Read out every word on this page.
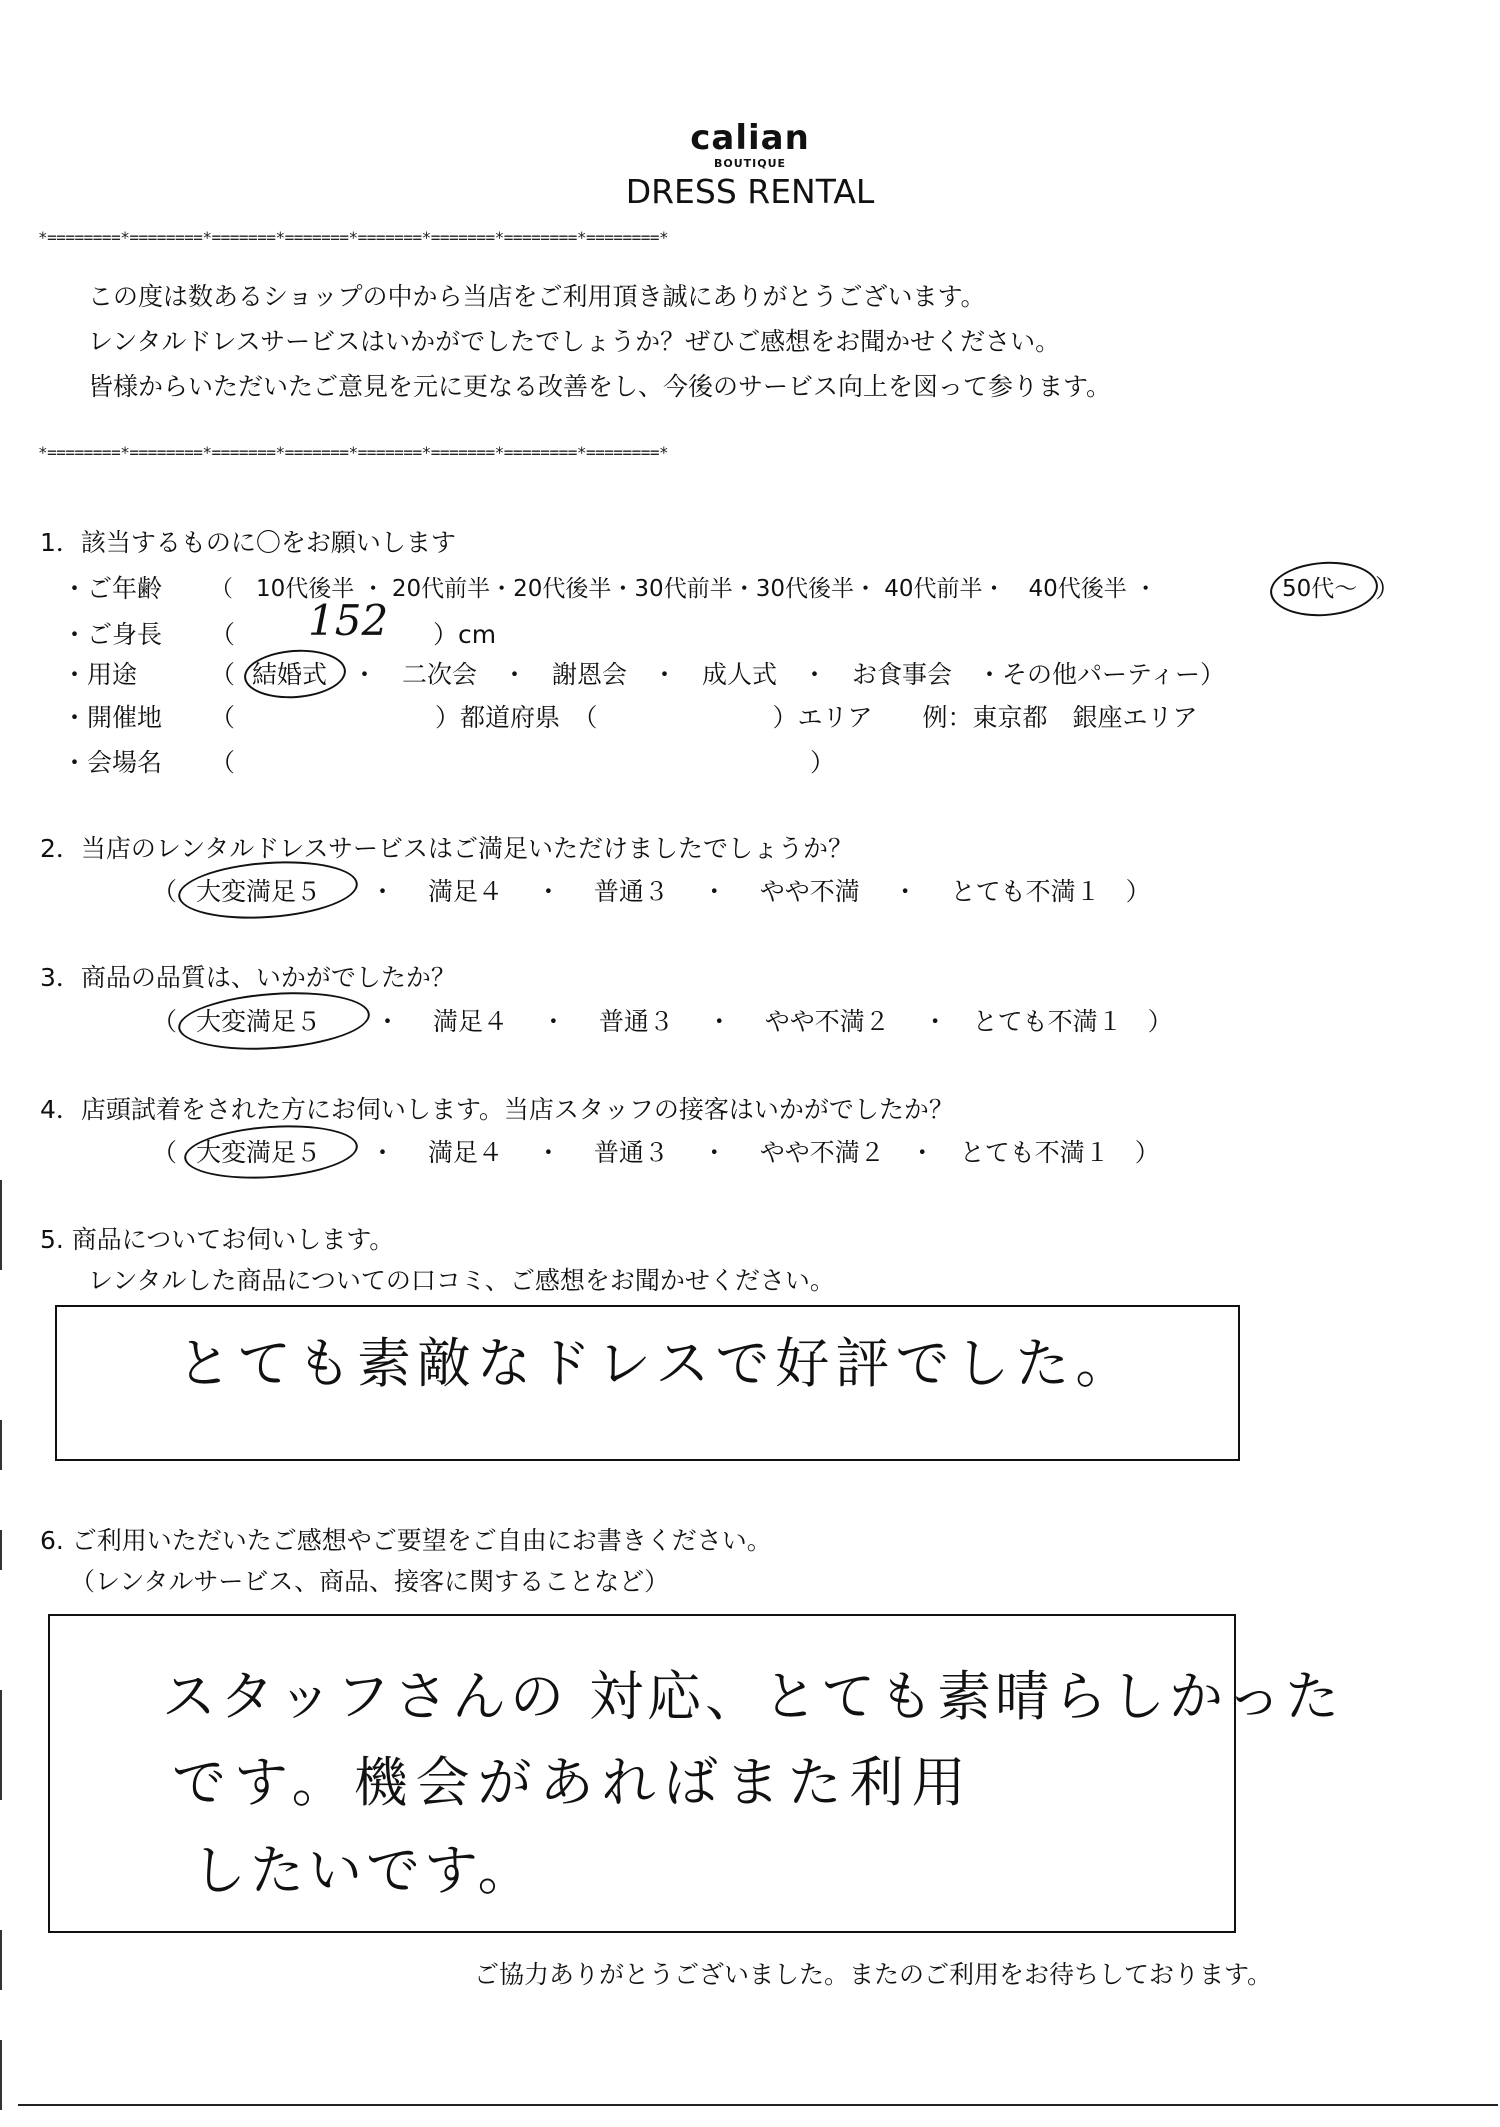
calian
BOUTIQUE
DRESS RENTAL
*========*========*=======*=======*=======*=======*========*========*
この度は数あるショップの中から当店をご利用頂き誠にありがとうございます。
レンタルドレスサービスはいかがでしたでしょうか？ぜひご感想をお聞かせください。
皆様からいただいたご意見を元に更なる改善をし、今後のサービス向上を図って参ります。
*========*========*=======*=======*=======*=======*========*========*
1．該当するものに〇をお願いします
・ご年齢 （　10代後半 ・ 20代前半・20代後半・30代前半・30代後半・ 40代前半・　40代後半 ・	50代～ ）
・ご身長 （ 152 ）cm
・用途	（ 結婚式 ・　二次会　・　謝恩会　・　成人式　・　お食事会　・その他パーティー）
・開催地 （　　　　　　　　）都道府県　（　　　　　　　）エリア　　例：東京都　銀座エリア
・会場名 （　　　　　　　　　　　　　　　　　　　　　　　）
2．当店のレンタルドレスサービスはご満足いただけましたでしょうか？
（ 大変満足５ ・　 満足４　 ・　 普通３　 ・　 やや不満　 ・　 とても不満１　）
3．商品の品質は、いかがでしたか？
（ 大変満足５ ・　 満足４　 ・　 普通３　 ・　 やや不満２　 ・　とても不満１　）
4．店頭試着をされた方にお伺いします。当店スタッフの接客はいかがでしたか？
（ 大変満足５ ・　 満足４　 ・　 普通３　 ・　 やや不満２　・　とても不満１　）
5. 商品についてお伺いします。
レンタルした商品についての口コミ、ご感想をお聞かせください。
とても素敵なドレスで好評でした。
6. ご利用いただいたご感想やご要望をご自由にお書きください。
（レンタルサービス、商品、接客に関することなど）
スタッフさんの 対応、とても素晴らしかった
です。機会があればまた利用
したいです。
ご協力ありがとうございました。またのご利用をお待ちしております。
